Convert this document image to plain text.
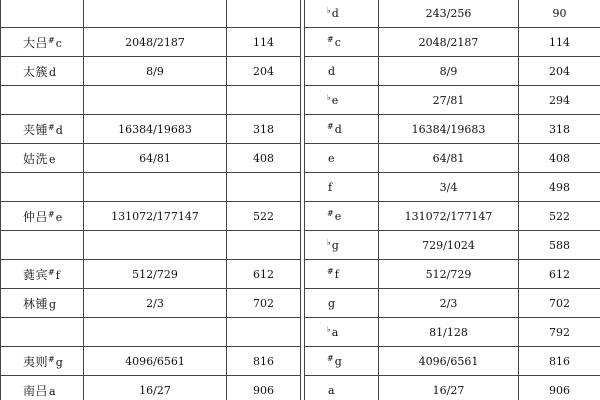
				♭d	243/256	90
大吕#c	2048/2187	114		#c	2048/2187	114
太簇d	8/9	204		d	8/9	204
				♭e	27/81	294
夹锺#d	16384/19683	318		#d	16384/19683	318
姑洗e	64/81	408		e	64/81	408
				f	3/4	498
仲吕#e	131072/177147	522		#e	131072/177147	522
				♭g	729/1024	588
蕤宾#f	512/729	612		#f	512/729	612
林锺g	2/3	702		g	2/3	702
				♭a	81/128	792
夷则#g	4096/6561	816		#g	4096/6561	816
南吕a	16/27	906		a	16/27	906
